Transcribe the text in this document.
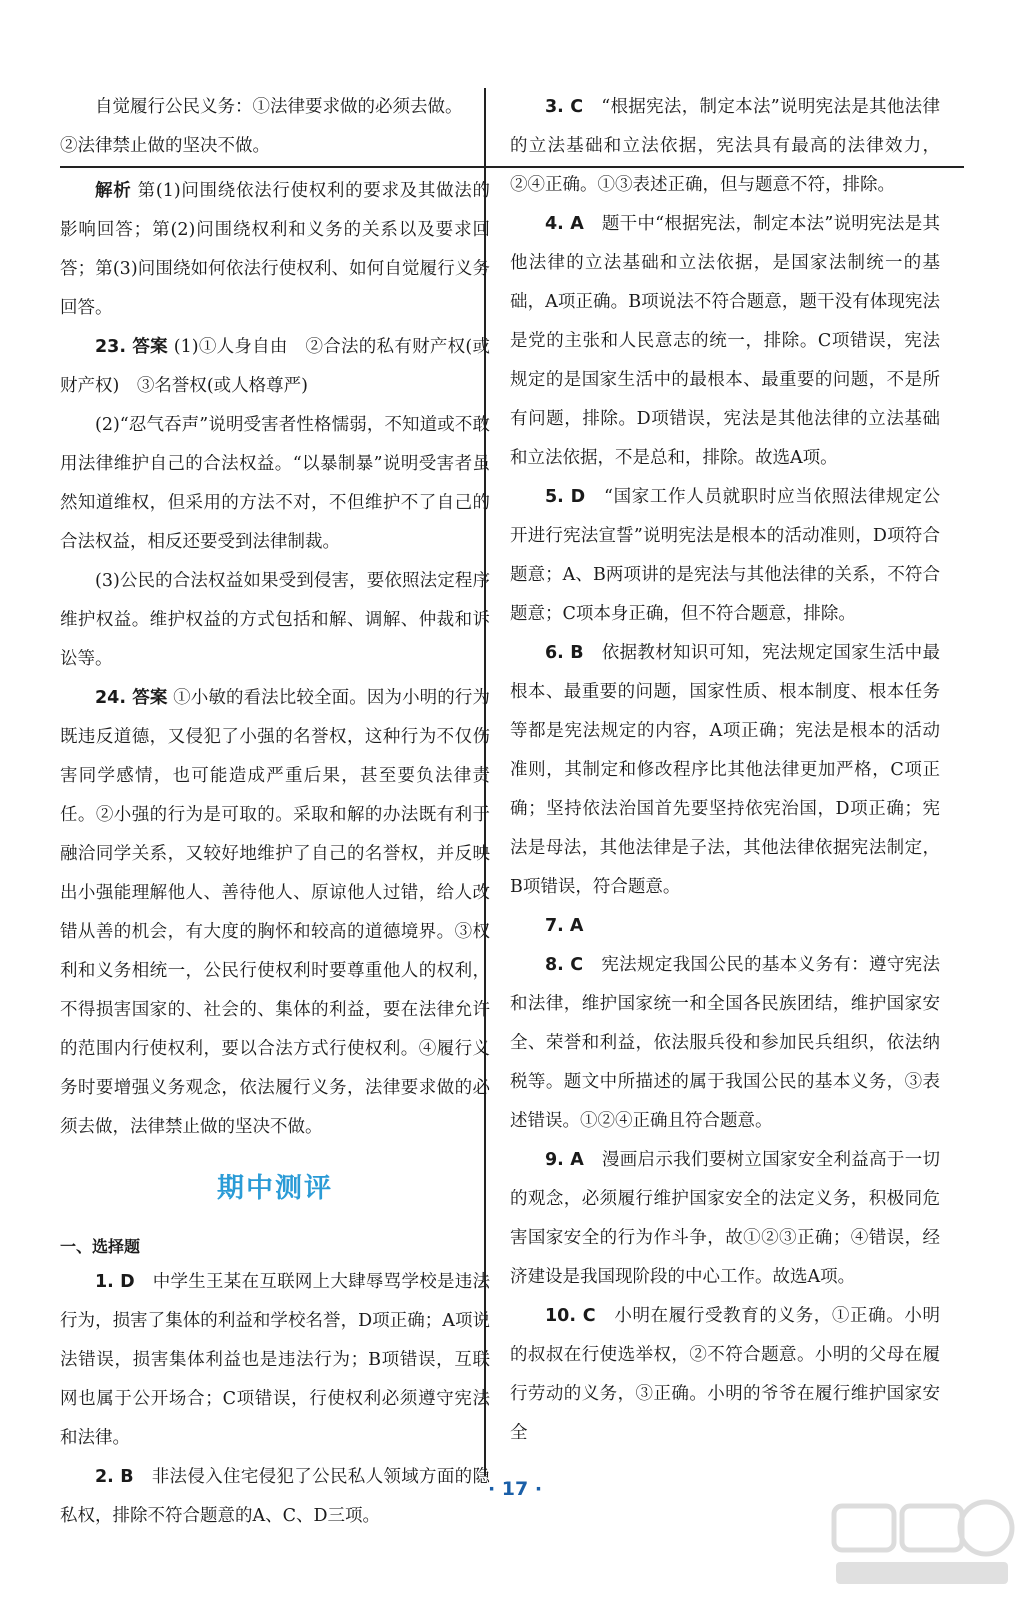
自觉履行公民义务：①法律要求做的必须去做。

②法律禁止做的坚决不做。

解析 第(1)问围绕依法行使权利的要求及其做法的影响回答；第(2)问围绕权利和义务的关系以及要求回答；第(3)问围绕如何依法行使权利、如何自觉履行义务回答。

23. 答案 (1)①人身自由　②合法的私有财产权(或财产权)　③名誉权(或人格尊严)

(2)“忍气吞声”说明受害者性格懦弱，不知道或不敢用法律维护自己的合法权益。“以暴制暴”说明受害者虽然知道维权，但采用的方法不对，不但维护不了自己的合法权益，相反还要受到法律制裁。

(3)公民的合法权益如果受到侵害，要依照法定程序维护权益。维护权益的方式包括和解、调解、仲裁和诉讼等。

24. 答案 ①小敏的看法比较全面。因为小明的行为既违反道德，又侵犯了小强的名誉权，这种行为不仅伤害同学感情，也可能造成严重后果，甚至要负法律责任。②小强的行为是可取的。采取和解的办法既有利于融洽同学关系，又较好地维护了自己的名誉权，并反映出小强能理解他人、善待他人、原谅他人过错，给人改错从善的机会，有大度的胸怀和较高的道德境界。③权利和义务相统一，公民行使权利时要尊重他人的权利，不得损害国家的、社会的、集体的利益，要在法律允许的范围内行使权利，要以合法方式行使权利。④履行义务时要增强义务观念，依法履行义务，法律要求做的必须去做，法律禁止做的坚决不做。

期中测评

一、选择题

1. D　 中学生王某在互联网上大肆辱骂学校是违法行为，损害了集体的利益和学校名誉，D项正确；A项说法错误，损害集体利益也是违法行为；B项错误，互联网也属于公开场合；C项错误，行使权利必须遵守宪法和法律。

2. B　 非法侵入住宅侵犯了公民私人领域方面的隐私权，排除不符合题意的A、C、D三项。

3. C　 “根据宪法，制定本法”说明宪法是其他法律的立法基础和立法依据，宪法具有最高的法律效力，②④正确。①③表述正确，但与题意不符，排除。

4. A　 题干中“根据宪法，制定本法”说明宪法是其他法律的立法基础和立法依据，是国家法制统一的基础，A项正确。B项说法不符合题意，题干没有体现宪法是党的主张和人民意志的统一，排除。C项错误，宪法规定的是国家生活中的最根本、最重要的问题，不是所有问题，排除。D项错误，宪法是其他法律的立法基础和立法依据，不是总和，排除。故选A项。

5. D　 “国家工作人员就职时应当依照法律规定公开进行宪法宣誓”说明宪法是根本的活动准则，D项符合题意；A、B两项讲的是宪法与其他法律的关系，不符合题意；C项本身正确，但不符合题意，排除。

6. B　 依据教材知识可知，宪法规定国家生活中最根本、最重要的问题，国家性质、根本制度、根本任务等都是宪法规定的内容，A项正确；宪法是根本的活动准则，其制定和修改程序比其他法律更加严格，C项正确；坚持依法治国首先要坚持依宪治国，D项正确；宪法是母法，其他法律是子法，其他法律依据宪法制定，B项错误，符合题意。

7. A

8. C　 宪法规定我国公民的基本义务有：遵守宪法和法律，维护国家统一和全国各民族团结，维护国家安全、荣誉和利益，依法服兵役和参加民兵组织，依法纳税等。题文中所描述的属于我国公民的基本义务，③表述错误。①②④正确且符合题意。

9. A　 漫画启示我们要树立国家安全利益高于一切的观念，必须履行维护国家安全的法定义务，积极同危害国家安全的行为作斗争，故①②③正确；④错误，经济建设是我国现阶段的中心工作。故选A项。

10. C　 小明在履行受教育的义务，①正确。小明的叔叔在行使选举权，②不符合题意。小明的父母在履行劳动的义务，③正确。小明的爷爷在履行维护国家安全

· 17 ·
